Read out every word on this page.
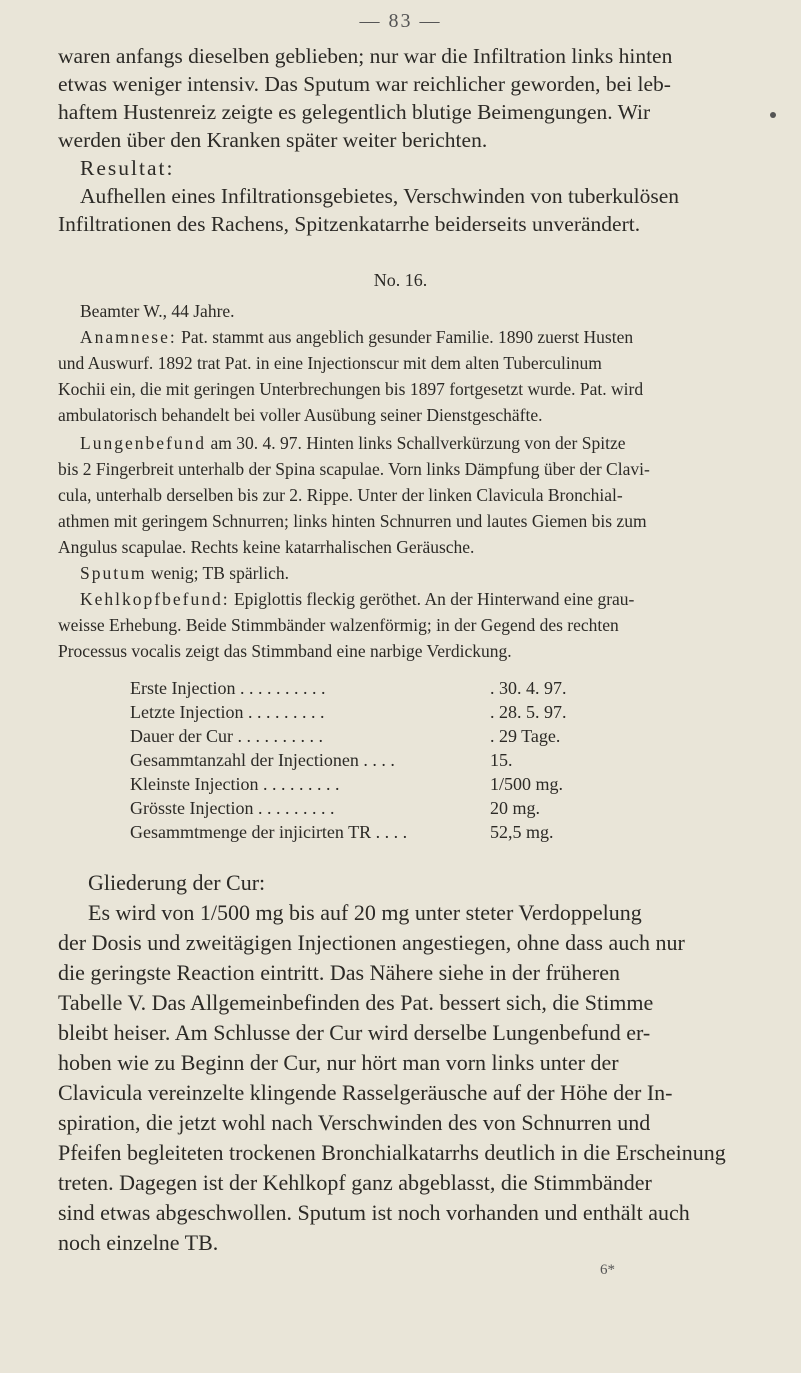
— 83 —
waren anfangs dieselben geblieben; nur war die Infiltration links hinten
etwas weniger intensiv. Das Sputum war reichlicher geworden, bei leb-
haftem Hustenreiz zeigte es gelegentlich blutige Beimengungen. Wir
werden über den Kranken später weiter berichten.
Resultat:
Aufhellen eines Infiltrationsgebietes, Verschwinden von tuberkulösen
Infiltrationen des Rachens, Spitzenkatarrhe beiderseits unverändert.
No. 16.
Beamter W., 44 Jahre.
Anamnese: Pat. stammt aus angeblich gesunder Familie. 1890 zuerst Husten
und Auswurf. 1892 trat Pat. in eine Injectionscur mit dem alten Tuberculinum
Kochii ein, die mit geringen Unterbrechungen bis 1897 fortgesetzt wurde. Pat. wird
ambulatorisch behandelt bei voller Ausübung seiner Dienstgeschäfte.
Lungenbefund am 30. 4. 97. Hinten links Schallverkürzung von der Spitze
bis 2 Fingerbreit unterhalb der Spina scapulae. Vorn links Dämpfung über der Clavi-
cula, unterhalb derselben bis zur 2. Rippe. Unter der linken Clavicula Bronchial-
athmen mit geringem Schnurren; links hinten Schnurren und lautes Giemen bis zum
Angulus scapulae. Rechts keine katarrhalischen Geräusche.
Sputum wenig; TB spärlich.
Kehlkopfbefund: Epiglottis fleckig geröthet. An der Hinterwand eine grau-
weisse Erhebung. Beide Stimmbänder walzenförmig; in der Gegend des rechten
Processus vocalis zeigt das Stimmband eine narbige Verdickung.
Erste Injection . . . . . . . . . .	. 30. 4. 97.
Letzte Injection . . . . . . . . .	. 28. 5. 97.
Dauer der Cur . . . . . . . . . .	. 29 Tage.
Gesammtanzahl der Injectionen . . . .	15.
Kleinste Injection . . . . . . . . .	1/500 mg.
Grösste Injection . . . . . . . . .	20 mg.
Gesammtmenge der injicirten TR . . . .	52,5 mg.
Gliederung der Cur:
Es wird von 1/500 mg bis auf 20 mg unter steter Verdoppelung
der Dosis und zweitägigen Injectionen angestiegen, ohne dass auch nur
die geringste Reaction eintritt. Das Nähere siehe in der früheren
Tabelle V. Das Allgemeinbefinden des Pat. bessert sich, die Stimme
bleibt heiser. Am Schlusse der Cur wird derselbe Lungenbefund er-
hoben wie zu Beginn der Cur, nur hört man vorn links unter der
Clavicula vereinzelte klingende Rasselgeräusche auf der Höhe der In-
spiration, die jetzt wohl nach Verschwinden des von Schnurren und
Pfeifen begleiteten trockenen Bronchialkatarrhs deutlich in die Erscheinung
treten. Dagegen ist der Kehlkopf ganz abgeblasst, die Stimmbänder
sind etwas abgeschwollen. Sputum ist noch vorhanden und enthält auch
noch einzelne TB.
6*
